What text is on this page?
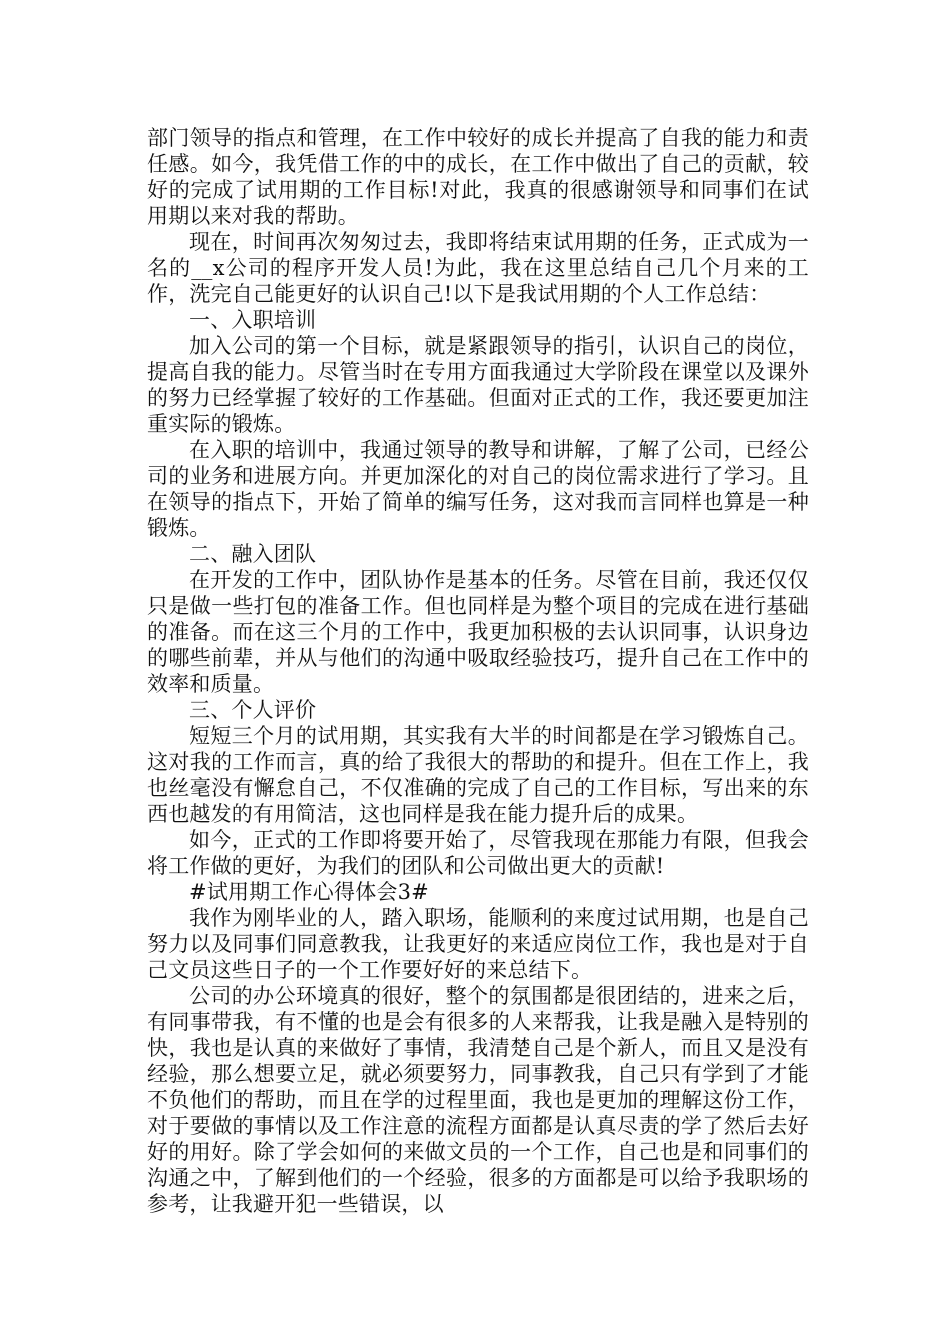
部门领导的指点和管理，在工作中较好的成长并提高了自我的能力和责任感。如今，我凭借工作的中的成长，在工作中做出了自己的贡献，较好的完成了试用期的工作目标!对此，我真的很感谢领导和同事们在试用期以来对我的帮助。

现在，时间再次匆匆过去，我即将结束试用期的任务，正式成为一名的__x公司的程序开发人员!为此，我在这里总结自己几个月来的工作，洗完自己能更好的认识自己!以下是我试用期的个人工作总结：

一、入职培训

加入公司的第一个目标，就是紧跟领导的指引，认识自己的岗位，提高自我的能力。尽管当时在专用方面我通过大学阶段在课堂以及课外的努力已经掌握了较好的工作基础。但面对正式的工作，我还要更加注重实际的锻炼。

在入职的培训中，我通过领导的教导和讲解，了解了公司，已经公司的业务和进展方向。并更加深化的对自己的岗位需求进行了学习。且在领导的指点下，开始了简单的编写任务，这对我而言同样也算是一种锻炼。

二、融入团队

在开发的工作中，团队协作是基本的任务。尽管在目前，我还仅仅只是做一些打包的准备工作。但也同样是为整个项目的完成在进行基础的准备。而在这三个月的工作中，我更加积极的去认识同事，认识身边的哪些前辈，并从与他们的沟通中吸取经验技巧，提升自己在工作中的效率和质量。

三、个人评价

短短三个月的试用期，其实我有大半的时间都是在学习锻炼自己。这对我的工作而言，真的给了我很大的帮助的和提升。但在工作上，我也丝毫没有懈怠自己，不仅准确的完成了自己的工作目标，写出来的东西也越发的有用简洁，这也同样是我在能力提升后的成果。

如今，正式的工作即将要开始了，尽管我现在那能力有限，但我会将工作做的更好，为我们的团队和公司做出更大的贡献!

#试用期工作心得体会3#

我作为刚毕业的人，踏入职场，能顺利的来度过试用期，也是自己努力以及同事们同意教我，让我更好的来适应岗位工作，我也是对于自己文员这些日子的一个工作要好好的来总结下。

公司的办公环境真的很好，整个的氛围都是很团结的，进来之后，有同事带我，有不懂的也是会有很多的人来帮我，让我是融入是特别的快，我也是认真的来做好了事情，我清楚自己是个新人，而且又是没有经验，那么想要立足，就必须要努力，同事教我，自己只有学到了才能不负他们的帮助，而且在学的过程里面，我也是更加的理解这份工作，对于要做的事情以及工作注意的流程方面都是认真尽责的学了然后去好好的用好。除了学会如何的来做文员的一个工作，自己也是和同事们的沟通之中，了解到他们的一个经验，很多的方面都是可以给予我职场的参考，让我避开犯一些错误，以
